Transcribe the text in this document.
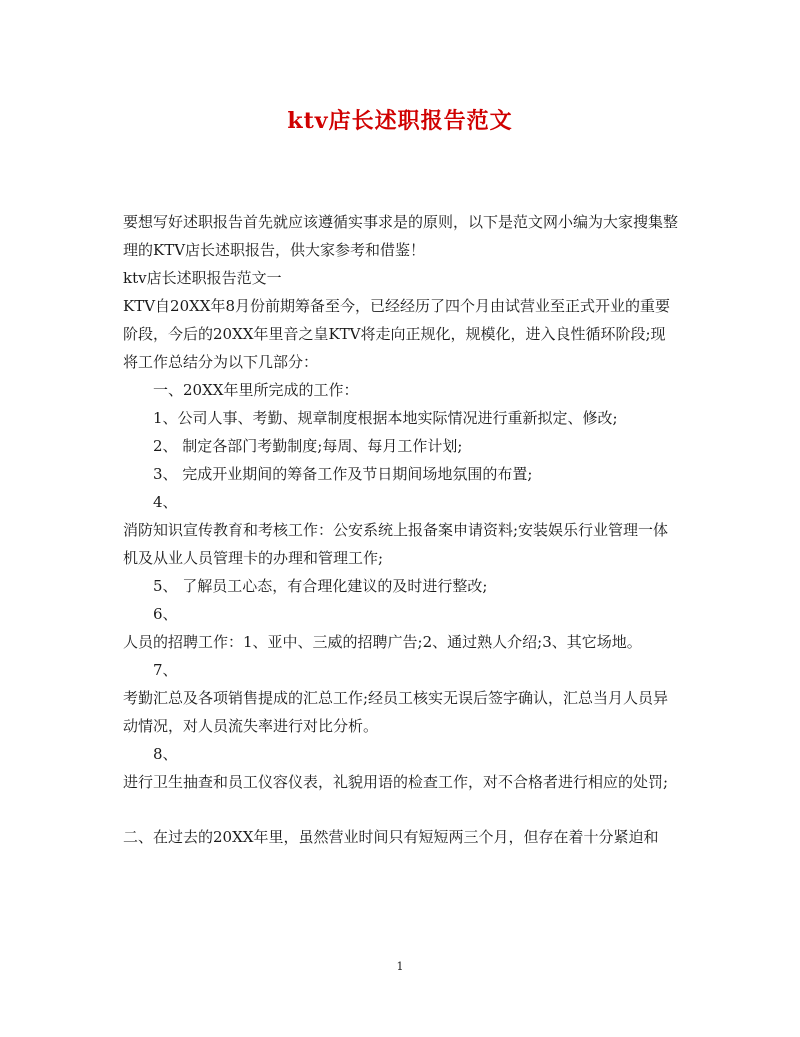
ktv店长述职报告范文

要想写好述职报告首先就应该遵循实事求是的原则，以下是范文网小编为大家搜集整理的KTV店长述职报告，供大家参考和借鉴！

ktv店长述职报告范文一

KTV自20XX年8月份前期筹备至今，已经经历了四个月由试营业至正式开业的重要阶段，今后的20XX年里音之皇KTV将走向正规化，规模化，进入良性循环阶段;现将工作总结分为以下几部分：

一、20XX年里所完成的工作：

1、公司人事、考勤、规章制度根据本地实际情况进行重新拟定、修改;

2、 制定各部门考勤制度;每周、每月工作计划;

3、 完成开业期间的筹备工作及节日期间场地氛围的布置;

4、

消防知识宣传教育和考核工作：公安系统上报备案申请资料;安装娱乐行业管理一体机及从业人员管理卡的办理和管理工作;

5、 了解员工心态，有合理化建议的及时进行整改;

6、

人员的招聘工作：1、亚中、三威的招聘广告;2、通过熟人介绍;3、其它场地。

7、

考勤汇总及各项销售提成的汇总工作;经员工核实无误后签字确认，汇总当月人员异动情况，对人员流失率进行对比分析。

8、

进行卫生抽查和员工仪容仪表，礼貌用语的检查工作，对不合格者进行相应的处罚;

二、在过去的20XX年里，虽然营业时间只有短短两三个月，但存在着十分紧迫和

1
